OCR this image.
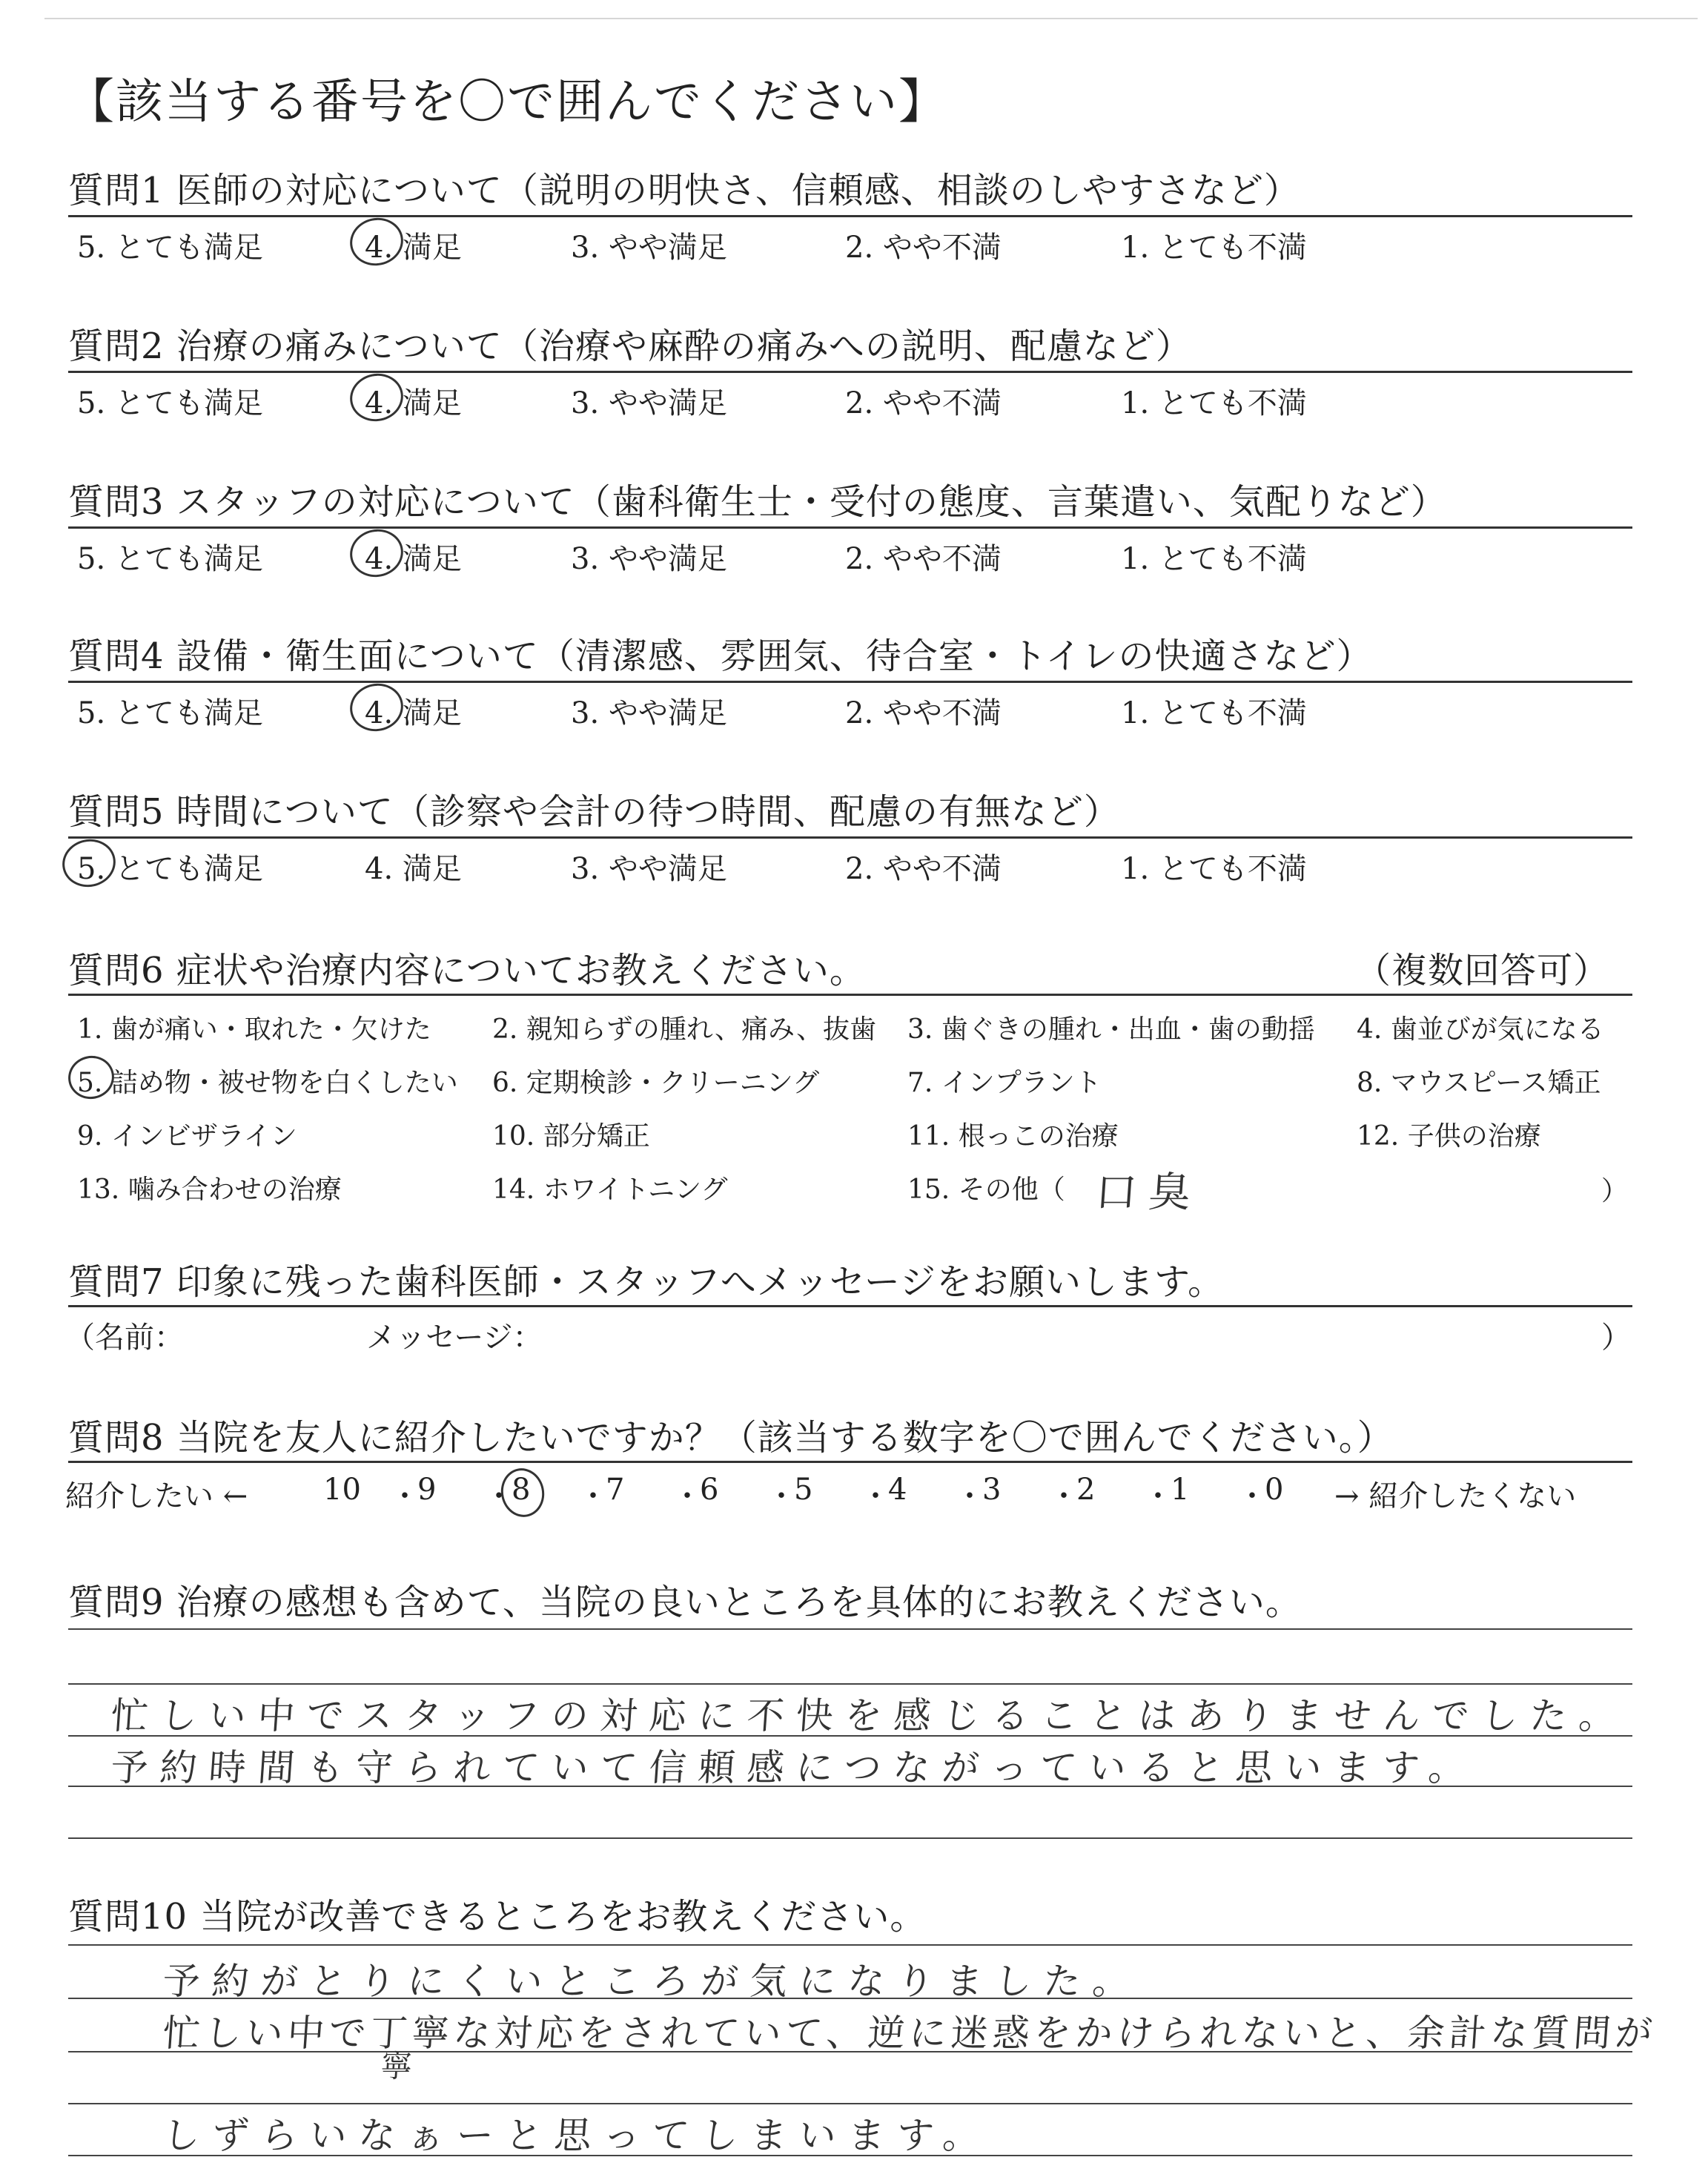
【該当する番号を〇で囲んでください】
質問1 医師の対応について（説明の明快さ、信頼感、相談のしやすさなど）
5. とても満足	4. 満足	3. やや満足	2. やや不満	1. とても不満
質問2 治療の痛みについて（治療や麻酔の痛みへの説明、配慮など）
5. とても満足	4. 満足	3. やや満足	2. やや不満	1. とても不満
質問3 スタッフの対応について（歯科衛生士・受付の態度、言葉遣い、気配りなど）
5. とても満足	4. 満足	3. やや満足	2. やや不満	1. とても不満
質問4 設備・衛生面について（清潔感、雰囲気、待合室・トイレの快適さなど）
5. とても満足	4. 満足	3. やや満足	2. やや不満	1. とても不満
質問5 時間について（診察や会計の待つ時間、配慮の有無など）
5. とても満足	4. 満足	3. やや満足	2. やや不満	1. とても不満
質問6 症状や治療内容についてお教えください。	（複数回答可）
1. 歯が痛い・取れた・欠けた 2. 親知らずの腫れ、痛み、抜歯 3. 歯ぐきの腫れ・出血・歯の動揺 4. 歯並びが気になる
5. 詰め物・被せ物を白くしたい 6. 定期検診・クリーニング	7. インプラント	8. マウスピース矯正
9. インビザライン	10. 部分矯正	11. 根っこの治療	12. 子供の治療
13. 噛み合わせの治療	14. ホワイトニング	15. その他（ 口臭	）
質問7 印象に残った歯科医師・スタッフへメッセージをお願いします。
（名前：	メッセージ：	）
質問8 当院を友人に紹介したいですか？（該当する数字を〇で囲んでください。）
紹介したい ←	10 ・
9 ・
8 ・
7 ・
6 ・
5 ・
4 ・
3 ・
2 ・
1 ・
0 → 紹介したくない
質問9 治療の感想も含めて、当院の良いところを具体的にお教えください。
忙しい中でスタッフの対応に不快を感じることはありませんでした。
予約時間も守られていて信頼感につながっていると思います。
質問10 当院が改善できるところをお教えください。
予約がとりにくいところが気になりました。
忙しい中で丁寧な対応をされていて、逆に迷惑をかけられないと、余計な質問が
寧
しずらいなぁーと思ってしまいます。
